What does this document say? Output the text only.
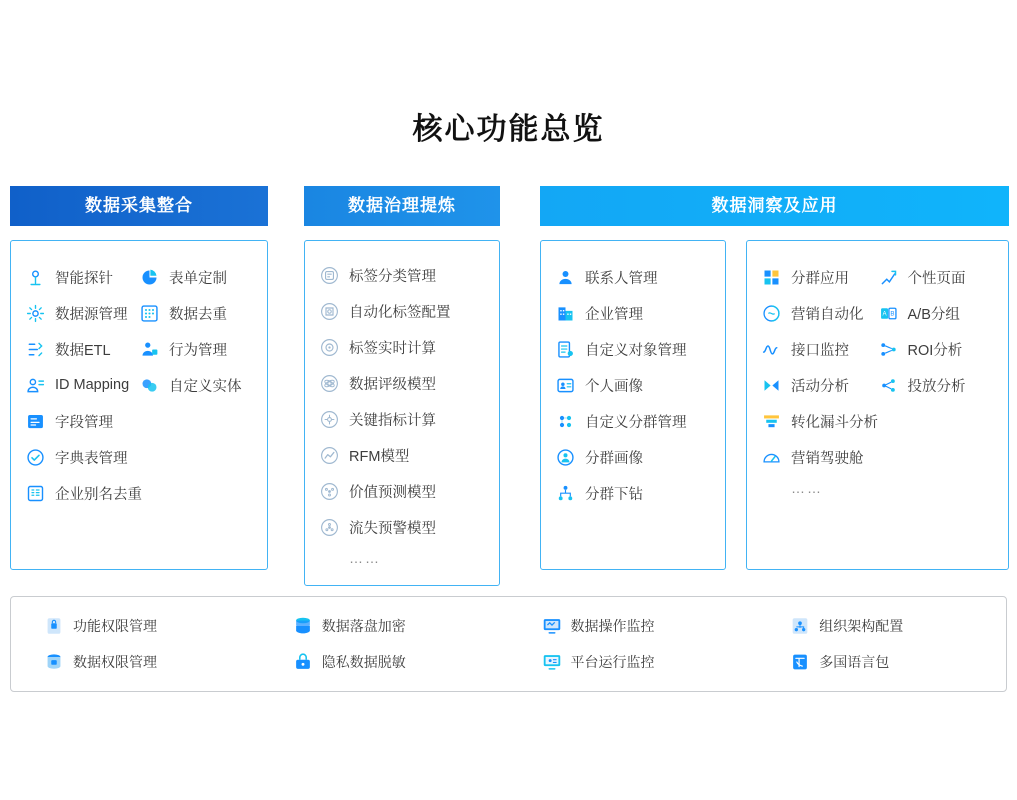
核心功能总览
数据采集整合
智能探针	表单定制
数据源管理	数据去重
数据ETL	行为管理
ID Mapping	自定义实体
字段管理
字典表管理
企业别名去重
数据治理提炼
标签分类管理
自动化标签配置
标签实时计算
数据评级模型
关键指标计算
RFM模型
价值预测模型
流失预警模型
……
数据洞察及应用
联系人管理
企业管理
自定义对象管理
个人画像
自定义分群管理
分群画像
分群下钻
分群应用	个性页面
营销自动化	A B A/B分组
接口监控	ROI分析
活动分析	投放分析
转化漏斗分析
营销驾驶舱
……
功能权限管理
数据权限管理
数据落盘加密
隐私数据脱敏
数据操作监控
平台运行监控
组织架构配置
多国语言包
